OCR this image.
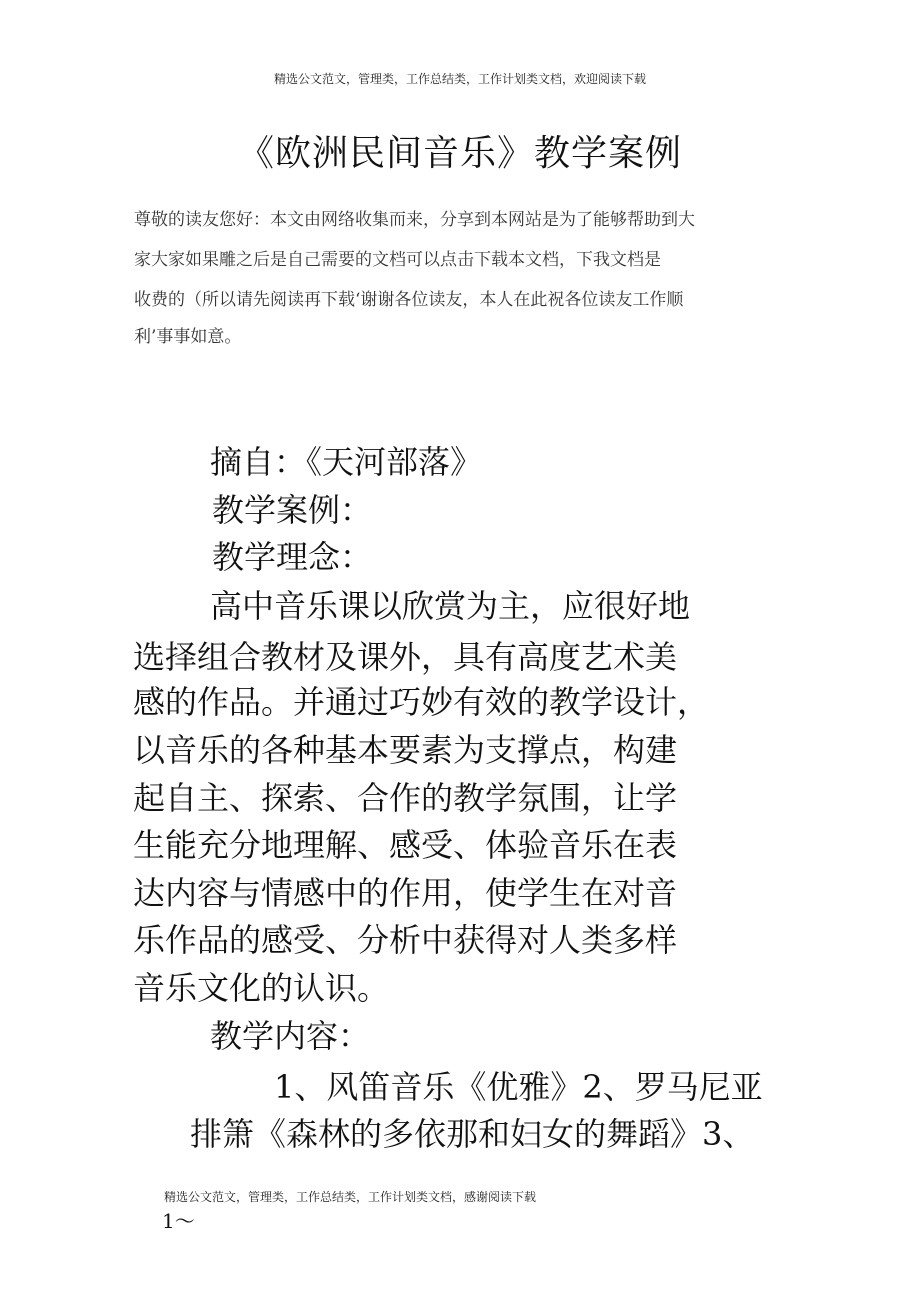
精选公文范文，管理类，工作总结类，工作计划类文档，欢迎阅读下载
《欧洲民间音乐》教学案例
尊敬的读友您好：本文由网络收集而来，分享到本网站是为了能够帮助到大
家大家如果雕之后是自己需要的文档可以点击下载本文档，下我文档是
收费的（所以请先阅读再下载‘谢谢各位读友，本人在此祝各位读友工作顺
利’事事如意。
摘自：《天河部落》
教学案例：
教学理念：
高中音乐课以欣赏为主，应很好地
选择组合教材及课外，具有高度艺术美
感的作品。并通过巧妙有效的教学设计，
以音乐的各种基本要素为支撑点，构建
起自主、探索、合作的教学氛围，让学
生能充分地理解、感受、体验音乐在表
达内容与情感中的作用，使学生在对音
乐作品的感受、分析中获得对人类多样
音乐文化的认识。
教学内容：
1、风笛音乐《优雅》2、罗马尼亚
排箫《森林的多依那和妇女的舞蹈》3、
精选公文范文，管理类，工作总结类，工作计划类文档，感谢阅读下载
1～
